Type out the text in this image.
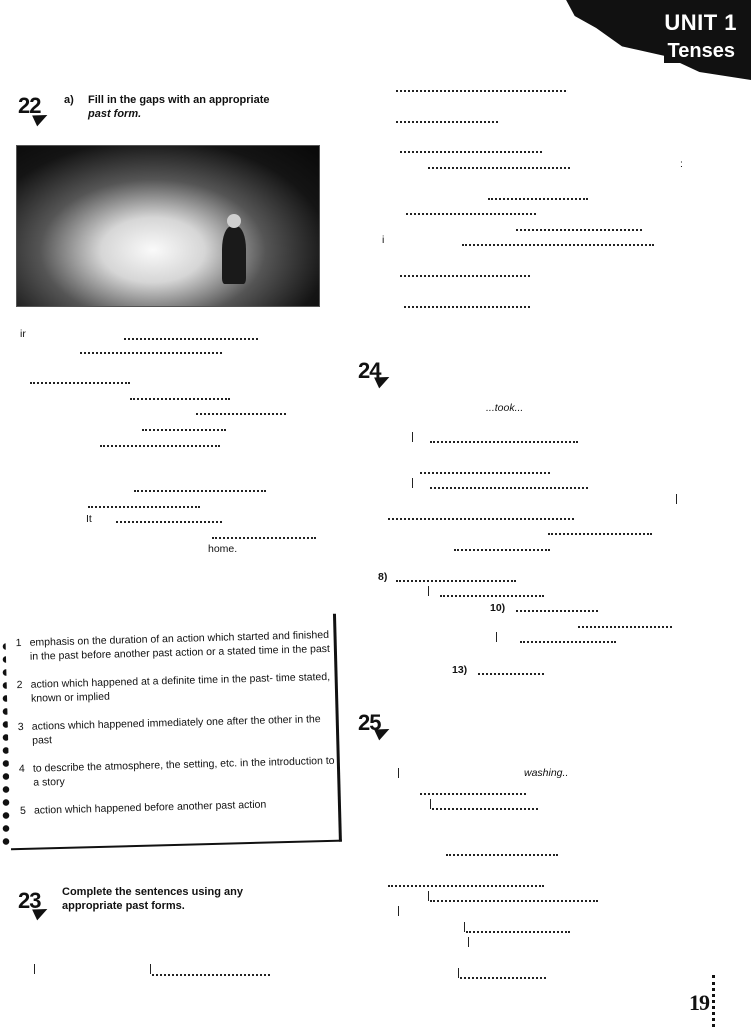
UNIT 1
Tenses
22 a) Fill in the gaps with an appropriate
past form.
ir
It
home.
1 emphasis on the duration of an action which started and finished in the past before another past action or a stated time in the past
2 action which happened at a definite time in the past- time stated, known or implied
3 actions which happened immediately one after the other in the past
4 to describe the atmosphere, the setting, etc. in the introduction to a story
5 action which happened before another past action
23 Complete the sentences using any
appropriate past forms.
:
i
24
...took...
8)
10)
13)
25
washing..
19
